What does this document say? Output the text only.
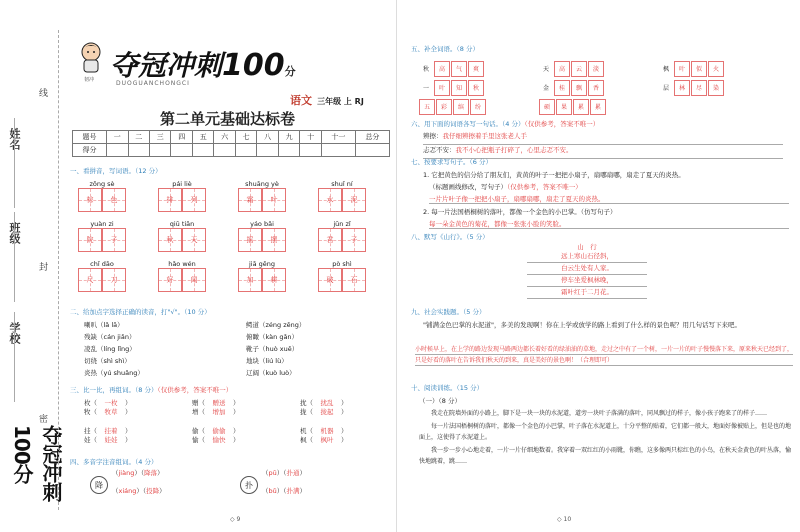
线
姓名
班级
封
学校
密
夺冠冲刺100分
韧冲 夺冠冲刺100分
DUOGUANCHONGCI
语文 三年级 上 RJ
第二单元基础达标卷
题号	一	二	三	四	五	六	七	八	九	十	十一	总分
得分												
一、看拼音，写词语。（12 分）
zōng sè
棕 色
pái liè
排 列
shuāng yè
霜 叶
shuǐ ní
水 泥
yuàn zi
院 子
qiū tiān
秋 天
yáo bǎi
摇 摆
jūn zǐ
君 子
chǐ dāo
尺 刀
hǎo wén
好 闻
jiā gēng
加 耕
pò shì
破 石
二、给加点字选择正确的读音，打"√"。（10 分）
喇叭（lǎ lā）
残缺（cán jiǎn）
凌乱（líng lǐng）
切绕（shì shì）
炎热（yú shuǎng）
鳄道（zéng zēng）
俯瞰（kàn gǎn）
靴子（huò xuē）
地块（liú lù）
辽阔（kuò luò）
三、比一比，再组词。（8 分）（仅供参考，答案不唯一）
枚（ 一枚 ）
牧（ 牧草 ）
赠（ 赠送 ）
增（ 增加 ）
扰（ 扰乱 ）
拢（ 拢起 ）
挂（ 挂着 ）
娃（ 娃娃 ）
偷（ 偷偷 ）
愉（ 愉快 ）
机（ 机器 ）
枫（ 枫叶 ）
四、多音字注音组词。（4 分）
降
（jiàng）（降落）
（xiáng）（投降）
扑
（pū）（扑通）
（bǔ）（扑满）
◇ 9
五、补全词语。（8 分）
秋 高 气 爽	天 高 云 淡	枫 叶 似 火
一 叶 知 秋	金 桂 飘 香	层 林 尽 染
五 彩 缤 纷	硕 果 累 累
六、用下面的词语各写一句话。（4 分）（仅供参考，答案不唯一）
辨擦：我仔细辨擦着手里这张老人手
忐忑不安：我不小心把瓶子打碎了，心里忐忑不安。
七、按要求写句子。（6 分）
1. 它把黄色的信分给了朋友们，黄黄的叶子一把把小扇子，扇哪扇哪，扇走了夏天的炎热。
（标题画线修改，写句子）（仅供参考，答案不唯一）
一片片叶子像一把把小扇子，扇哪扇哪，扇走了夏天的炎热。
2. 每一片法国梧桐树的落叶，都像一个金色的小巴掌。（仿写句子）
每一朵金黄色的菊花，都像一张张小脸的笑脸。
八、默写《山行》。（5 分）
山　行
远上寒山石径斜，
白云生处有人家。
停车坐爱枫林晚，
霜叶红于二月花。
九、社会实践题。（5 分）
"铺满金色巴掌的水泥道"，多美的发现啊！你在上学或放学的路上看到了什么样的景色呢？用几句话写下来吧。
小时候早上，在上学的路边发现马路两边都长着好看的绿油油的草地，走过之中有了一个树，一片一片的叶子慢慢落下来，原来秋天已经到了，只是好看的落叶在告诉我们秋天的到来，真是美好的景色啊！（合理即可）
十、阅读训练。（15 分）
（一）（8 分）
我走在院墙外面的小路上，脚下是一块一块的水泥道，道旁一块叶子落满的落叶，同风飘过的样子，像小孩子跑来了的样子……
每一片法国梧桐树的落叶，都像一个金色的小巴掌，叶子落在水泥道上，十分平整的贴着，它们都一般大，地面好像被贴上，但是也的地面上，这使得了水泥道上。
我一步一步小心地走着，一片一片仔细地数着。我穿着一双红红的小雨靴，你瞧，这多像两只棕红色的小鸟，在秋天金黄色的叶丛落，愉快地跳着，跳……
◇ 10
